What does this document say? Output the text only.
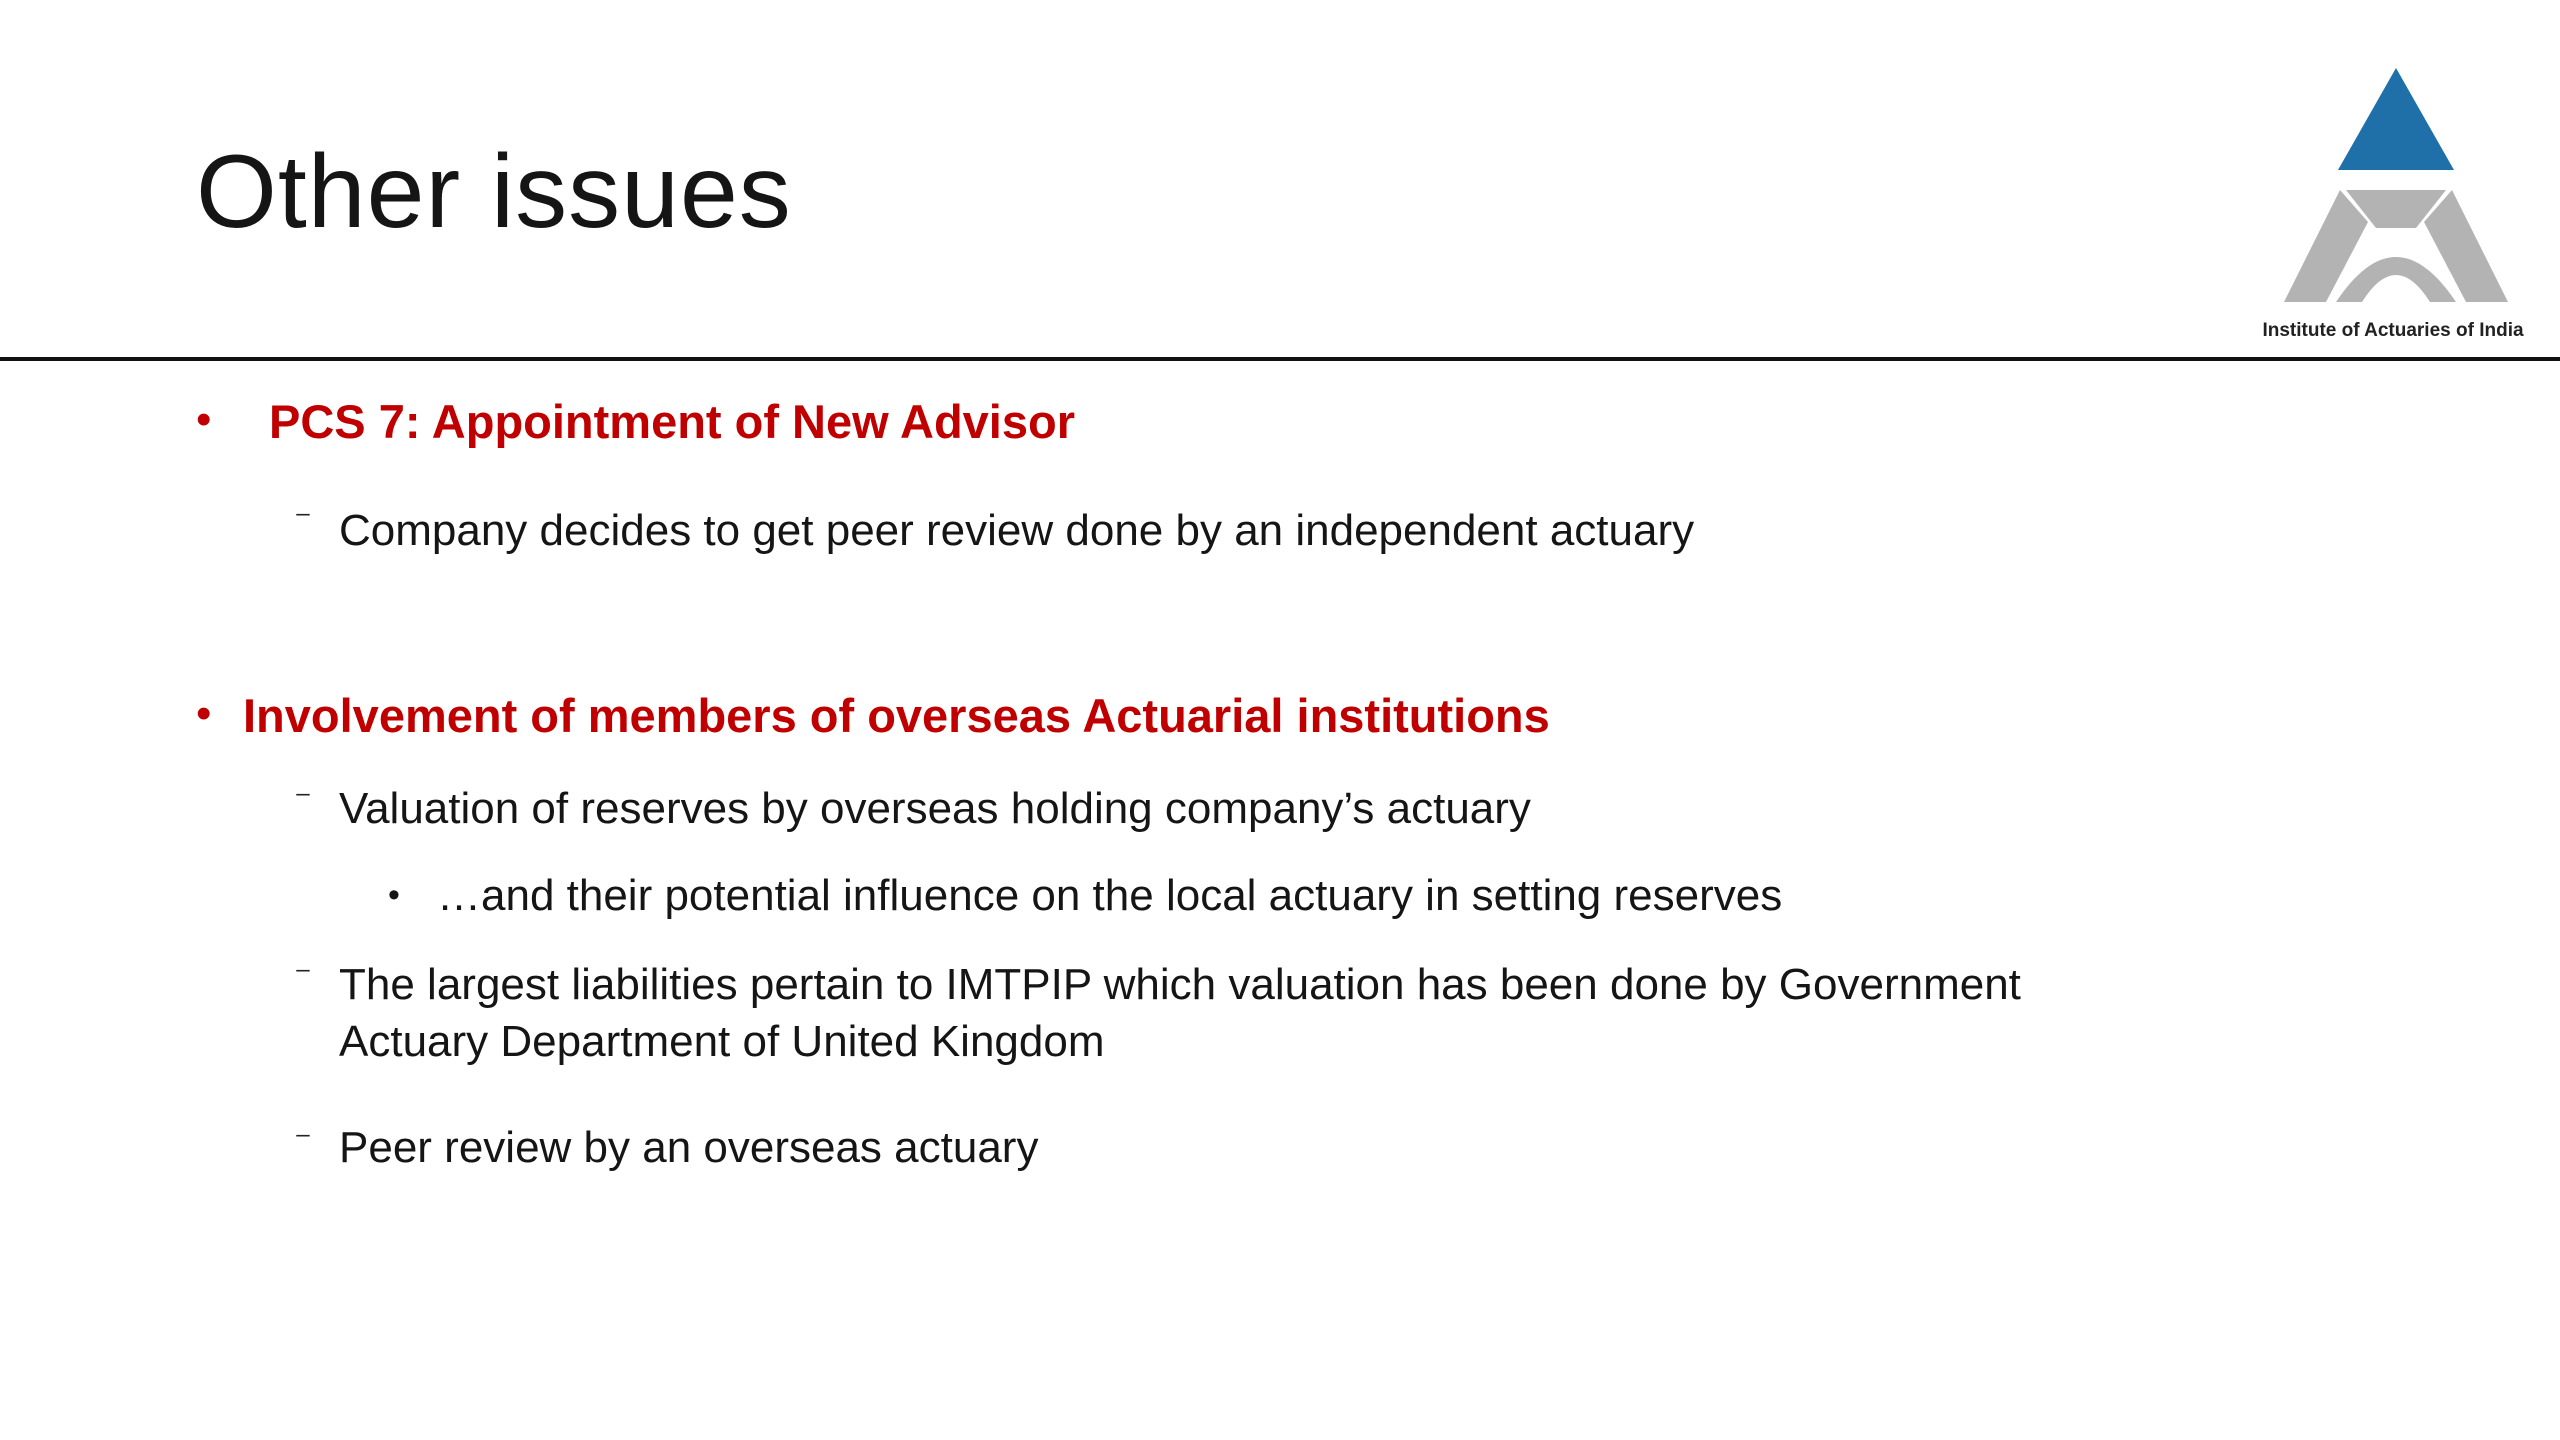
Other issues
Institute of Actuaries of India
• PCS 7: Appointment of New Advisor
⁻ Company decides to get peer review done by an independent actuary
• Involvement of members of overseas Actuarial institutions
⁻ Valuation of reserves by overseas holding company’s actuary
• …and their potential influence on the local actuary in setting reserves
⁻ The largest liabilities pertain to IMTPIP which valuation has been done by Government
Actuary Department of United Kingdom
⁻ Peer review by an overseas actuary
